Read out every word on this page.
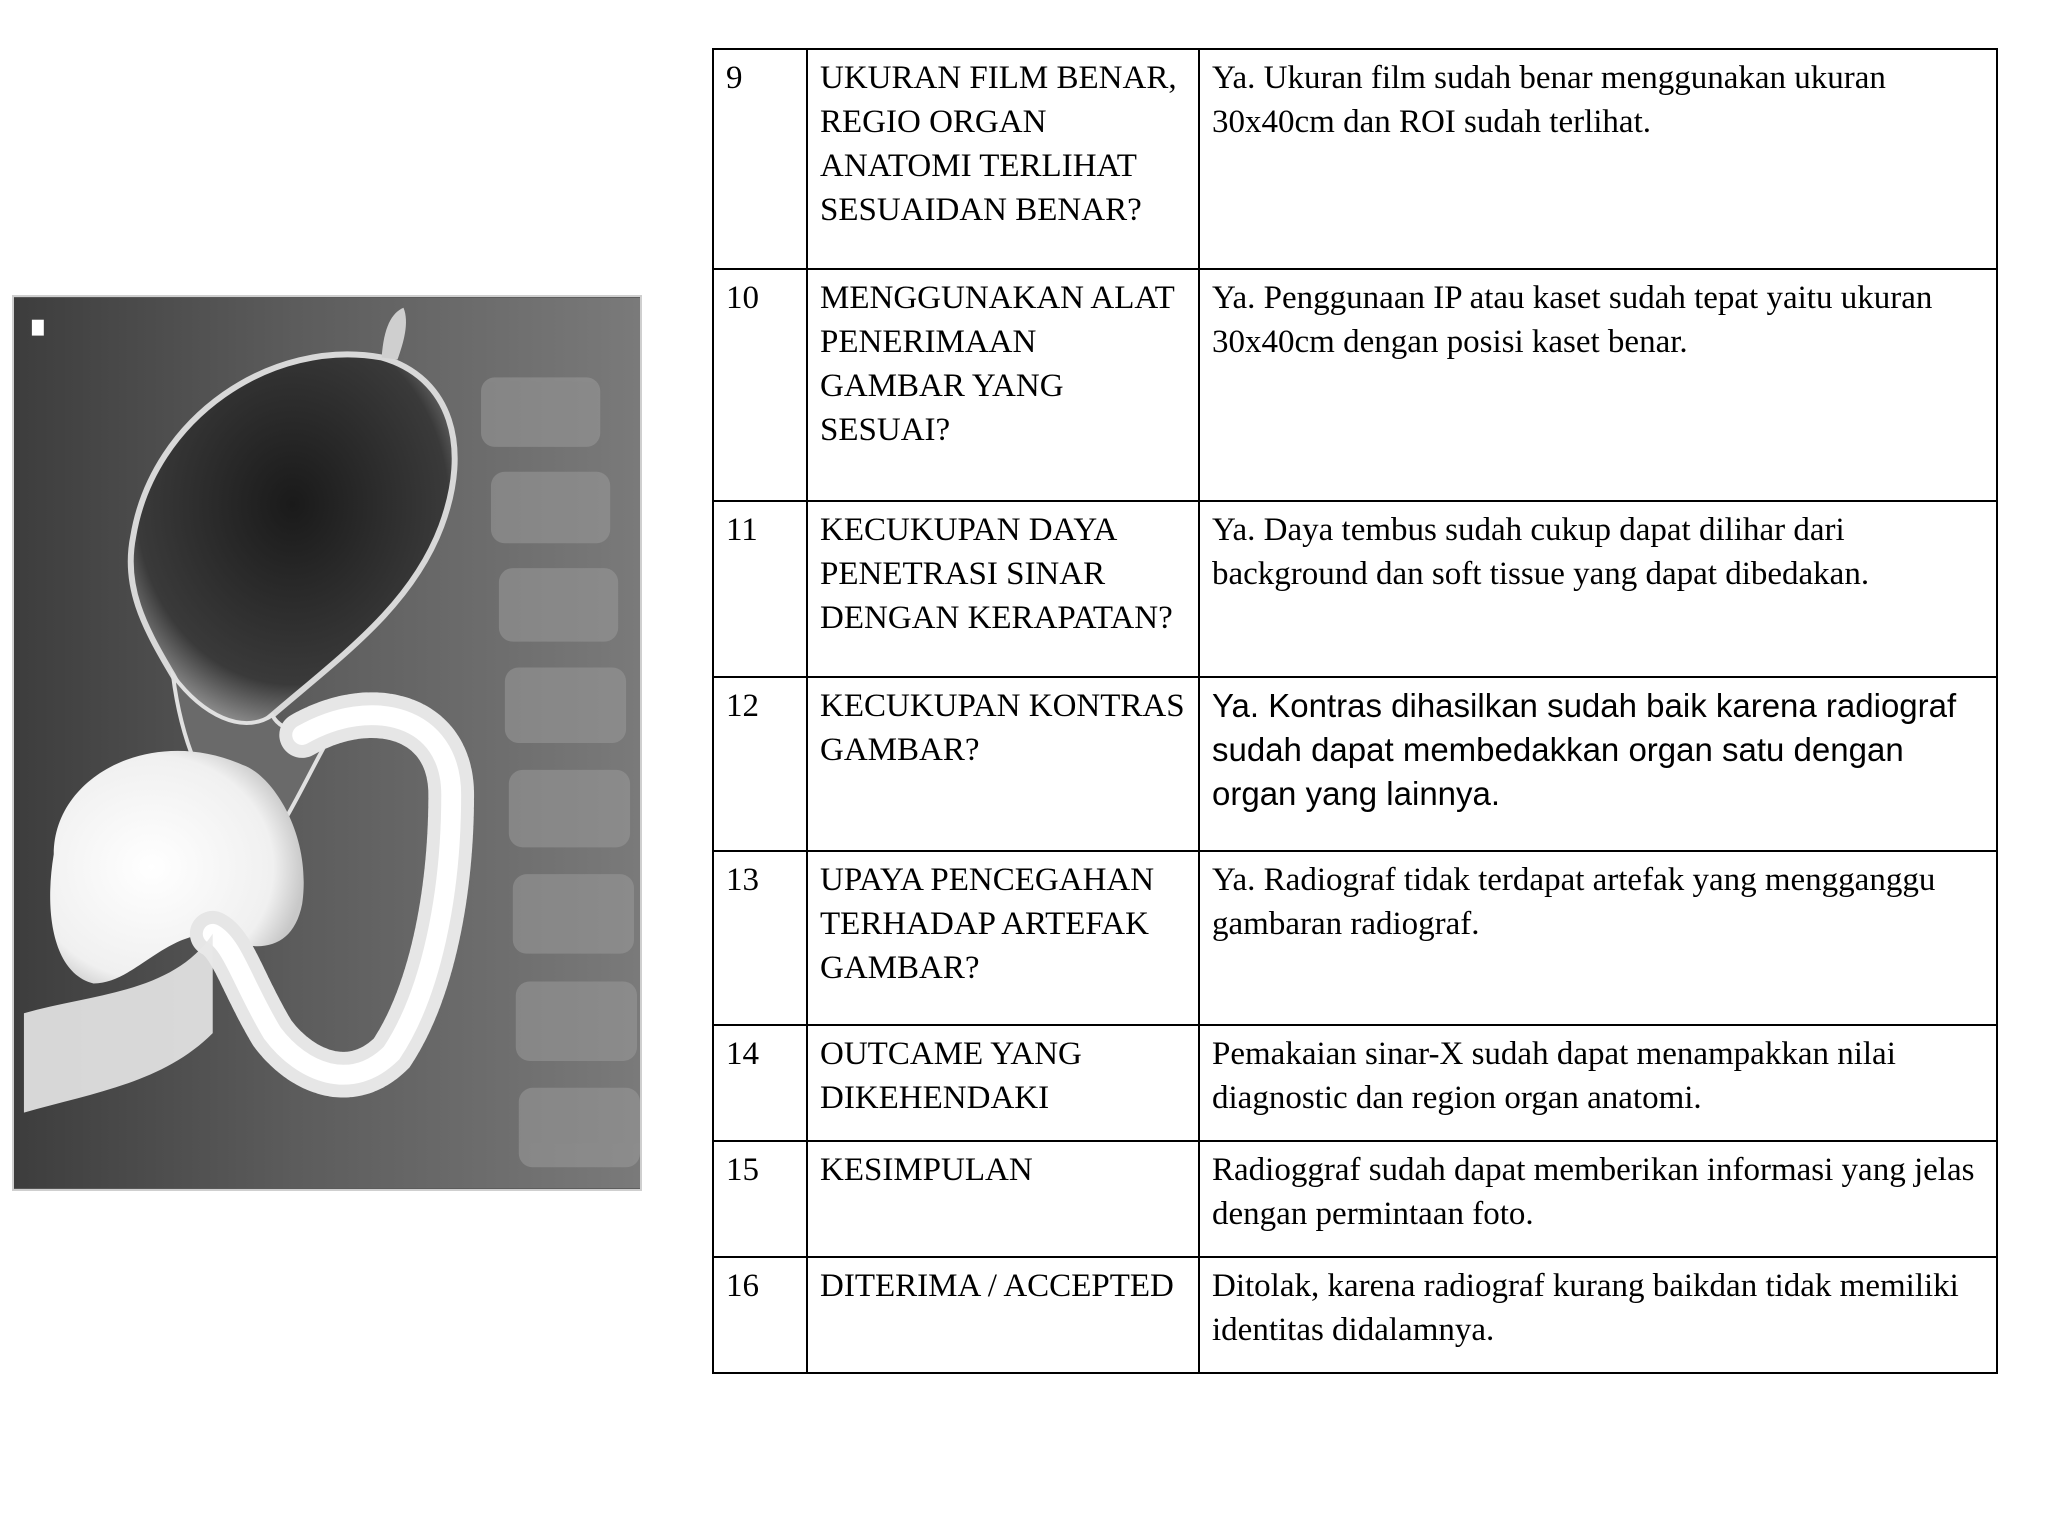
9	UKURAN FILM BENAR, REGIO ORGAN ANATOMI TERLIHAT SESUAIDAN BENAR?	Ya. Ukuran film sudah benar menggunakan ukuran 30x40cm dan ROI sudah terlihat.

10	MENGGUNAKAN ALAT PENERIMAAN GAMBAR YANG SESUAI?	Ya. Penggunaan IP atau kaset sudah tepat yaitu ukuran 30x40cm dengan posisi kaset benar.

11	KECUKUPAN DAYA PENETRASI SINAR DENGAN KERAPATAN?	Ya. Daya tembus sudah cukup dapat dilihar dari background dan soft tissue yang dapat dibedakan.

12	KECUKUPAN KONTRAS GAMBAR?	Ya. Kontras dihasilkan sudah baik karena radiograf sudah dapat membedakkan organ satu dengan organ yang lainnya.

13	UPAYA PENCEGAHAN TERHADAP ARTEFAK GAMBAR?	Ya. Radiograf tidak terdapat artefak yang mengganggu gambaran radiograf.

14	OUTCAME YANG DIKEHENDAKI	Pemakaian sinar-X sudah dapat menampakkan nilai diagnostic dan region organ anatomi.

15	KESIMPULAN	Radioggraf sudah dapat memberikan informasi yang jelas dengan permintaan foto.

16	DITERIMA / ACCEPTED	Ditolak, karena radiograf kurang baikdan tidak memiliki identitas didalamnya.
